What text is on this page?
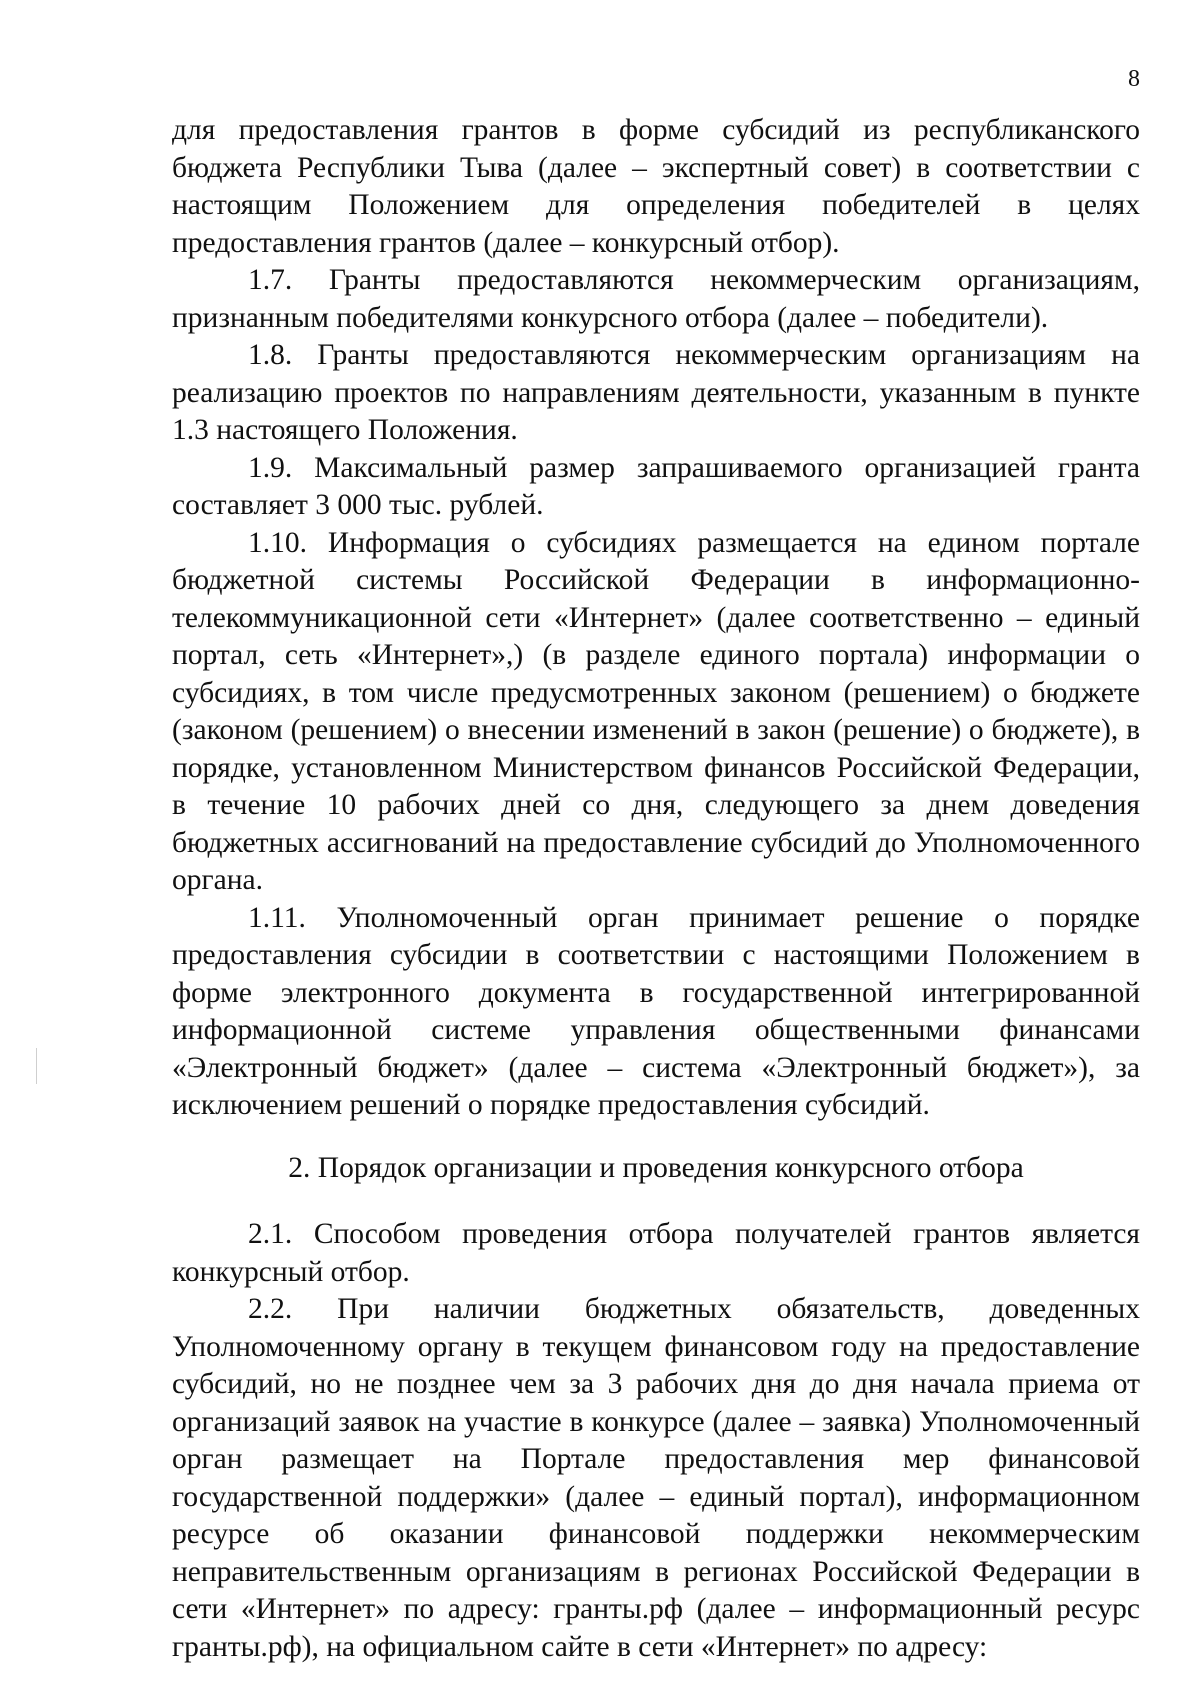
8

для предоставления грантов в форме субсидий из республиканского бюджета Республики Тыва (далее – экспертный совет) в соответствии с настоящим Положением для определения победителей в целях предоставления грантов (далее – конкурсный отбор).

1.7. Гранты предоставляются некоммерческим организациям, признанным победителями конкурсного отбора (далее – победители).

1.8. Гранты предоставляются некоммерческим организациям на реализацию проектов по направлениям деятельности, указанным в пункте 1.3 настоящего Положения.

1.9. Максимальный размер запрашиваемого организацией гранта составляет 3 000 тыс. рублей.

1.10. Информация о субсидиях размещается на едином портале бюджетной системы Российской Федерации в информационно-телекоммуникационной сети «Интернет» (далее соответственно – единый портал, сеть «Интернет»,) (в разделе единого портала) информации о субсидиях, в том числе предусмотренных законом (решением) о бюджете (законом (решением) о внесении изменений в закон (решение) о бюджете), в порядке, установленном Министерством финансов Российской Федерации, в течение 10 рабочих дней со дня, следующего за днем доведения бюджетных ассигнований на предоставление субсидий до Уполномоченного органа.

1.11. Уполномоченный орган принимает решение о порядке предоставления субсидии в соответствии с настоящими Положением в форме электронного документа в государственной интегрированной информационной системе управления общественными финансами «Электронный бюджет» (далее – система «Электронный бюджет»), за исключением решений о порядке предоставления субсидий.

2. Порядок организации и проведения конкурсного отбора

2.1. Способом проведения отбора получателей грантов является конкурсный отбор.

2.2. При наличии бюджетных обязательств, доведенных Уполномоченному органу в текущем финансовом году на предоставление субсидий, но не позднее чем за 3 рабочих дня до дня начала приема от организаций заявок на участие в конкурсе (далее – заявка) Уполномоченный орган размещает на Портале предоставления мер финансовой государственной поддержки» (далее – единый портал), информационном ресурсе об оказании финансовой поддержки некоммерческим неправительственным организациям в регионах Российской Федерации в сети «Интернет» по адресу: гранты.рф (далее – информационный ресурс гранты.рф), на официальном сайте в сети «Интернет» по адресу:
